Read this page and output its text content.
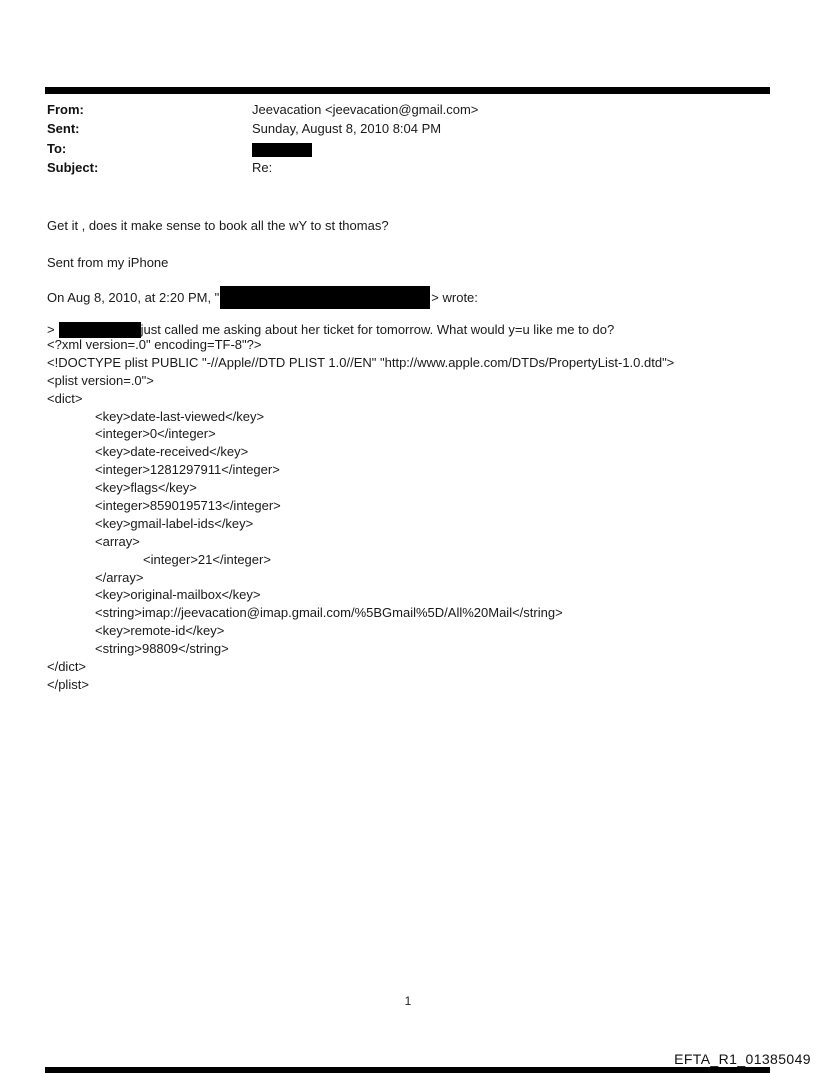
From:	Jeevacation <jeevacation@gmail.com>
Sent:	Sunday, August 8, 2010 8:04 PM
To:
Subject:	Re:
Get it , does it make sense to book all the wY to st thomas?
Sent from my iPhone
On Aug 8, 2010, at 2:20 PM, "	> wrote:
>	just called me asking about her ticket for tomorrow. What would y=u like me to do?
<?xml version=.0" encoding=TF-8"?>
<!DOCTYPE plist PUBLIC "-//Apple//DTD PLIST 1.0//EN" "http://www.apple.com/DTDs/PropertyList-1.0.dtd">
<plist version=.0">
<dict>
<key>date-last-viewed</key>
<integer>0</integer>
<key>date-received</key>
<integer>1281297911</integer>
<key>flags</key>
<integer>8590195713</integer>
<key>gmail-label-ids</key>
<array>
<integer>21</integer>
</array>
<key>original-mailbox</key>
<string>imap://jeevacation@imap.gmail.com/%5BGmail%5D/All%20Mail</string>
<key>remote-id</key>
<string>98809</string>
</dict>
</plist>
1
EFTA_R1_01385049
